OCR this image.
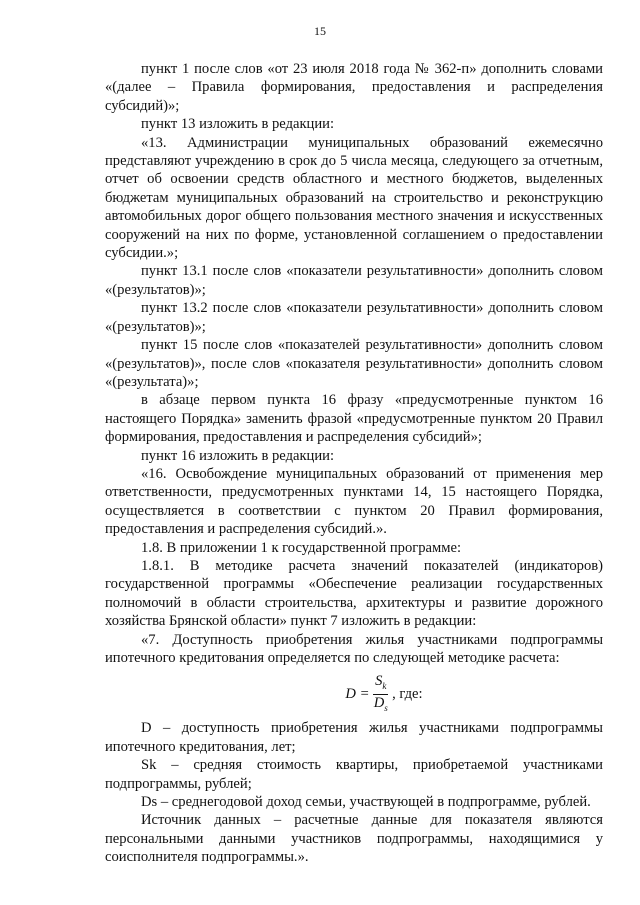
15

пункт 1 после слов «от 23 июля 2018 года № 362-п» дополнить словами «(далее – Правила формирования, предоставления и распределения субсидий)»;

пункт 13 изложить в редакции:

«13. Администрации муниципальных образований ежемесячно представляют учреждению в срок до 5 числа месяца, следующего за отчетным, отчет об освоении средств областного и местного бюджетов, выделенных бюджетам муниципальных образований на строительство и реконструкцию автомобильных дорог общего пользования местного значения и искусственных сооружений на них по форме, установленной соглашением о предоставлении субсидии.»;

пункт 13.1 после слов «показатели результативности» дополнить словом «(результатов)»;

пункт 13.2 после слов «показатели результативности» дополнить словом «(результатов)»;

пункт 15 после слов «показателей результативности» дополнить словом «(результатов)», после слов «показателя результативности» дополнить словом «(результата)»;

в абзаце первом пункта 16 фразу «предусмотренные пунктом 16 настоящего Порядка» заменить фразой «предусмотренные пунктом 20 Правил формирования, предоставления и распределения субсидий»;

пункт 16 изложить в редакции:

«16. Освобождение муниципальных образований от применения мер ответственности, предусмотренных пунктами 14, 15 настоящего Порядка, осуществляется в соответствии с пунктом 20 Правил формирования, предоставления и распределения субсидий.».

1.8. В приложении 1 к государственной программе:

1.8.1. В методике расчета значений показателей (индикаторов) государственной программы «Обеспечение реализации государственных полномочий в области строительства, архитектуры и развитие дорожного хозяйства Брянской области» пункт 7 изложить в редакции:

«7. Доступность приобретения жилья участниками подпрограммы ипотечного кредитования определяется по следующей методике расчета:

$D = \frac{S_k}{D_s}$ , где:

D – доступность приобретения жилья участниками подпрограммы ипотечного кредитования, лет;

Sk – средняя стоимость квартиры, приобретаемой участниками подпрограммы, рублей;

Ds – среднегодовой доход семьи, участвующей в подпрограмме, рублей.

Источник данных – расчетные данные для показателя являются персональными данными участников подпрограммы, находящимися у соисполнителя подпрограммы.».
